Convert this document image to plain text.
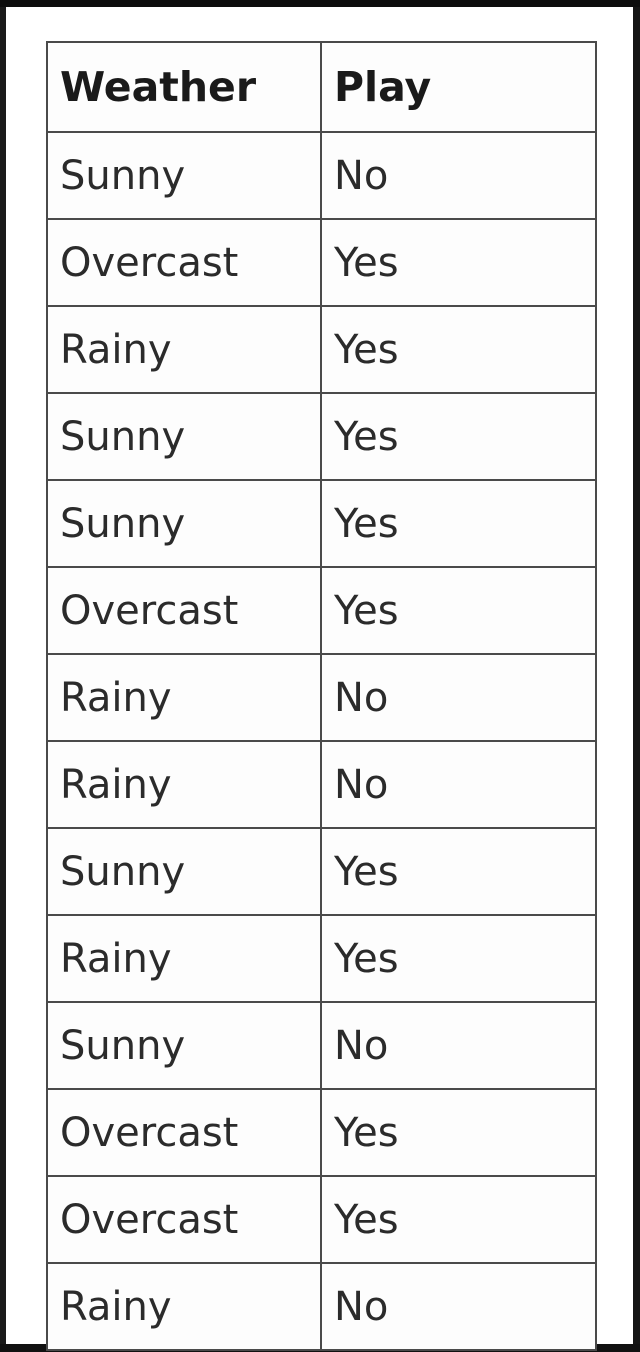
Weather	Play
Sunny	No
Overcast	Yes
Rainy	Yes
Sunny	Yes
Sunny	Yes
Overcast	Yes
Rainy	No
Rainy	No
Sunny	Yes
Rainy	Yes
Sunny	No
Overcast	Yes
Overcast	Yes
Rainy	No
